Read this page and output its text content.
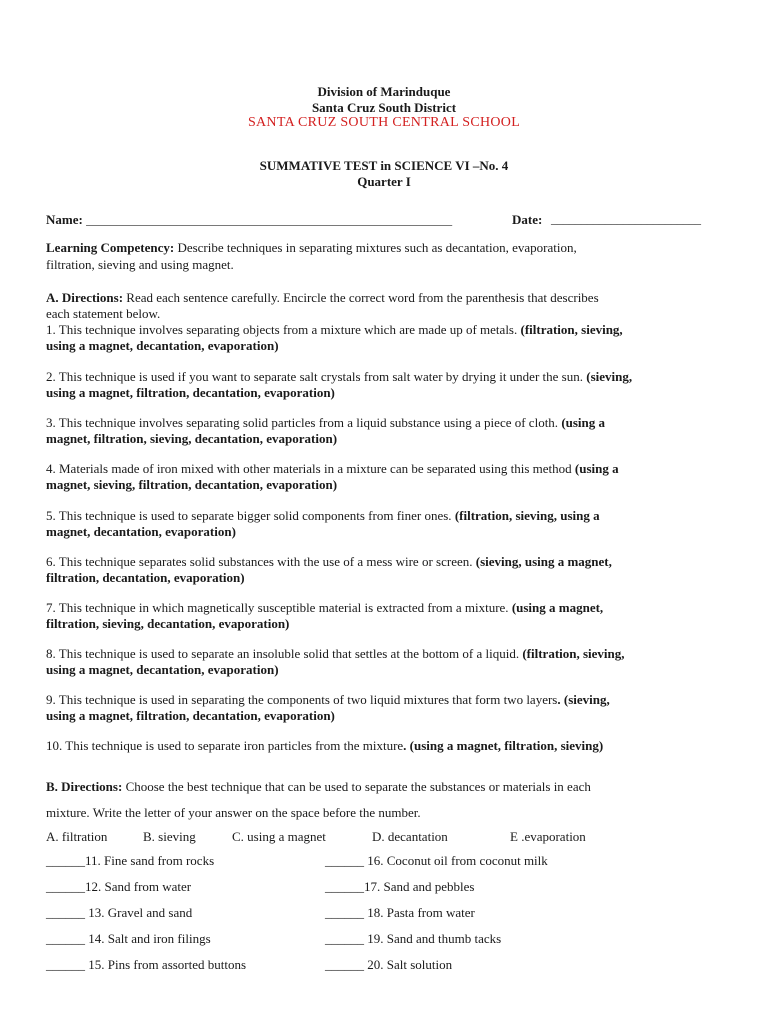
Division of Marinduque
Santa Cruz South District
SANTA CRUZ SOUTH CENTRAL SCHOOL
SUMMATIVE TEST in SCIENCE VI –No. 4
Quarter I
Name: _____________________________________________________________	Date: _________________________
Learning Competency: Describe techniques in separating mixtures such as decantation, evaporation,
filtration, sieving and using magnet.
A. Directions: Read each sentence carefully. Encircle the correct word from the parenthesis that describes
each statement below.
1. This technique involves separating objects from a mixture which are made up of metals. (filtration, sieving,
using a magnet, decantation, evaporation)
2. This technique is used if you want to separate salt crystals from salt water by drying it under the sun. (sieving,
using a magnet, filtration, decantation, evaporation)
3. This technique involves separating solid particles from a liquid substance using a piece of cloth. (using a
magnet, filtration, sieving, decantation, evaporation)
4. Materials made of iron mixed with other materials in a mixture can be separated using this method (using a
magnet, sieving, filtration, decantation, evaporation)
5. This technique is used to separate bigger solid components from finer ones. (filtration, sieving, using a
magnet, decantation, evaporation)
6. This technique separates solid substances with the use of a mess wire or screen. (sieving, using a magnet,
filtration, decantation, evaporation)
7. This technique in which magnetically susceptible material is extracted from a mixture. (using a magnet,
filtration, sieving, decantation, evaporation)
8. This technique is used to separate an insoluble solid that settles at the bottom of a liquid. (filtration, sieving,
using a magnet, decantation, evaporation)
9. This technique is used in separating the components of two liquid mixtures that form two layers. (sieving,
using a magnet, filtration, decantation, evaporation)
10. This technique is used to separate iron particles from the mixture. (using a magnet, filtration, sieving)
B. Directions: Choose the best technique that can be used to separate the substances or materials in each
mixture. Write the letter of your answer on the space before the number.
A. filtration	B. sieving	C. using a magnet	D. decantation	E .evaporation
______11. Fine sand from rocks
______12. Sand from water
______ 13. Gravel and sand
______ 14. Salt and iron filings
______ 15. Pins from assorted buttons
______ 16. Coconut oil from coconut milk
______17. Sand and pebbles
______ 18. Pasta from water
______ 19. Sand and thumb tacks
______ 20. Salt solution
